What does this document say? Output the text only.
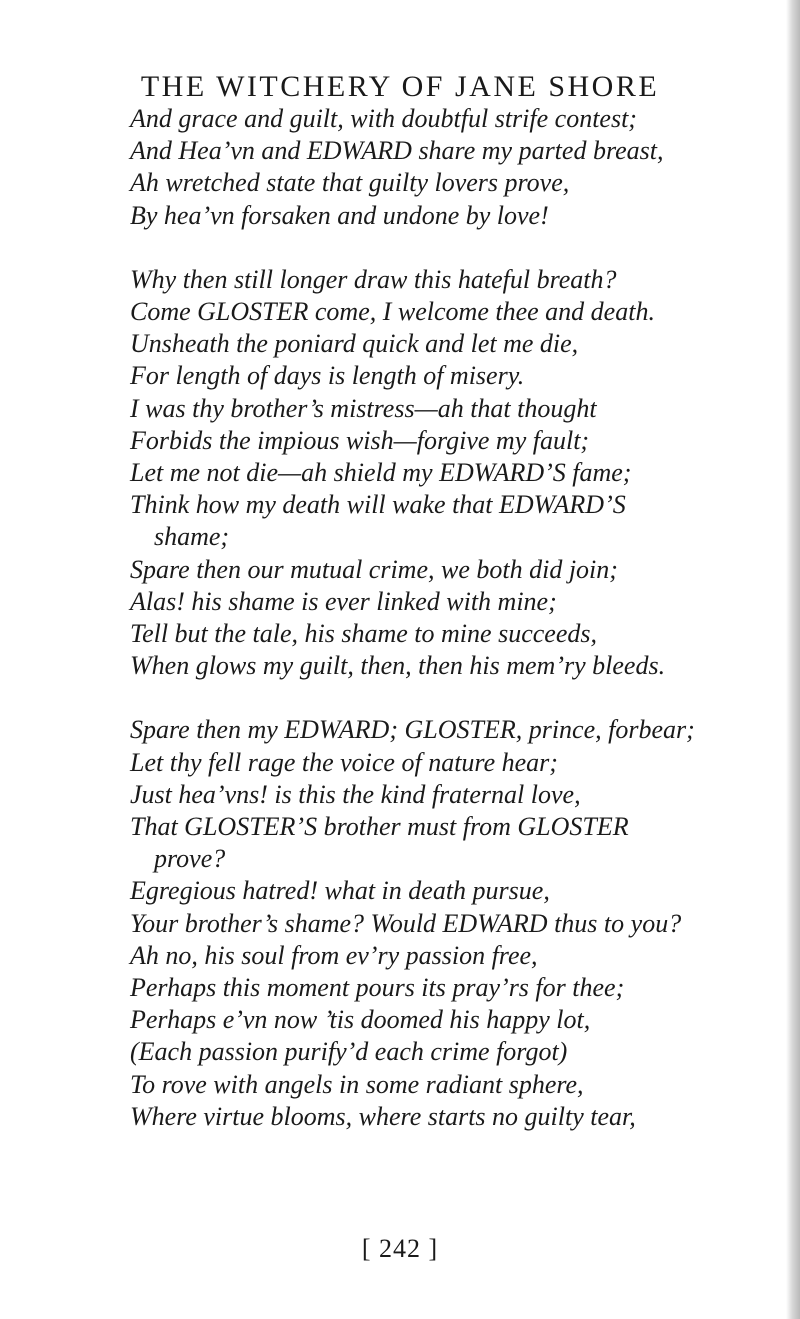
THE WITCHERY OF JANE SHORE
And grace and guilt, with doubtful strife contest;
And Hea’vn and EDWARD share my parted breast,
Ah wretched state that guilty lovers prove,
By hea’vn forsaken and undone by love!
Why then still longer draw this hateful breath?
Come GLOSTER come, I welcome thee and death.
Unsheath the poniard quick and let me die,
For length of days is length of misery.
I was thy brother’s mistress—ah that thought
Forbids the impious wish—forgive my fault;
Let me not die—ah shield my EDWARD’S fame;
Think how my death will wake that EDWARD’S
shame;
Spare then our mutual crime, we both did join;
Alas! his shame is ever linked with mine;
Tell but the tale, his shame to mine succeeds,
When glows my guilt, then, then his mem’ry bleeds.
Spare then my EDWARD; GLOSTER, prince, forbear;
Let thy fell rage the voice of nature hear;
Just hea’vns! is this the kind fraternal love,
That GLOSTER’S brother must from GLOSTER
prove?
Egregious hatred! what in death pursue,
Your brother’s shame? Would EDWARD thus to you?
Ah no, his soul from ev’ry passion free,
Perhaps this moment pours its pray’rs for thee;
Perhaps e’vn now ’tis doomed his happy lot,
(Each passion purify’d each crime forgot)
To rove with angels in some radiant sphere,
Where virtue blooms, where starts no guilty tear,
[ 242 ]
